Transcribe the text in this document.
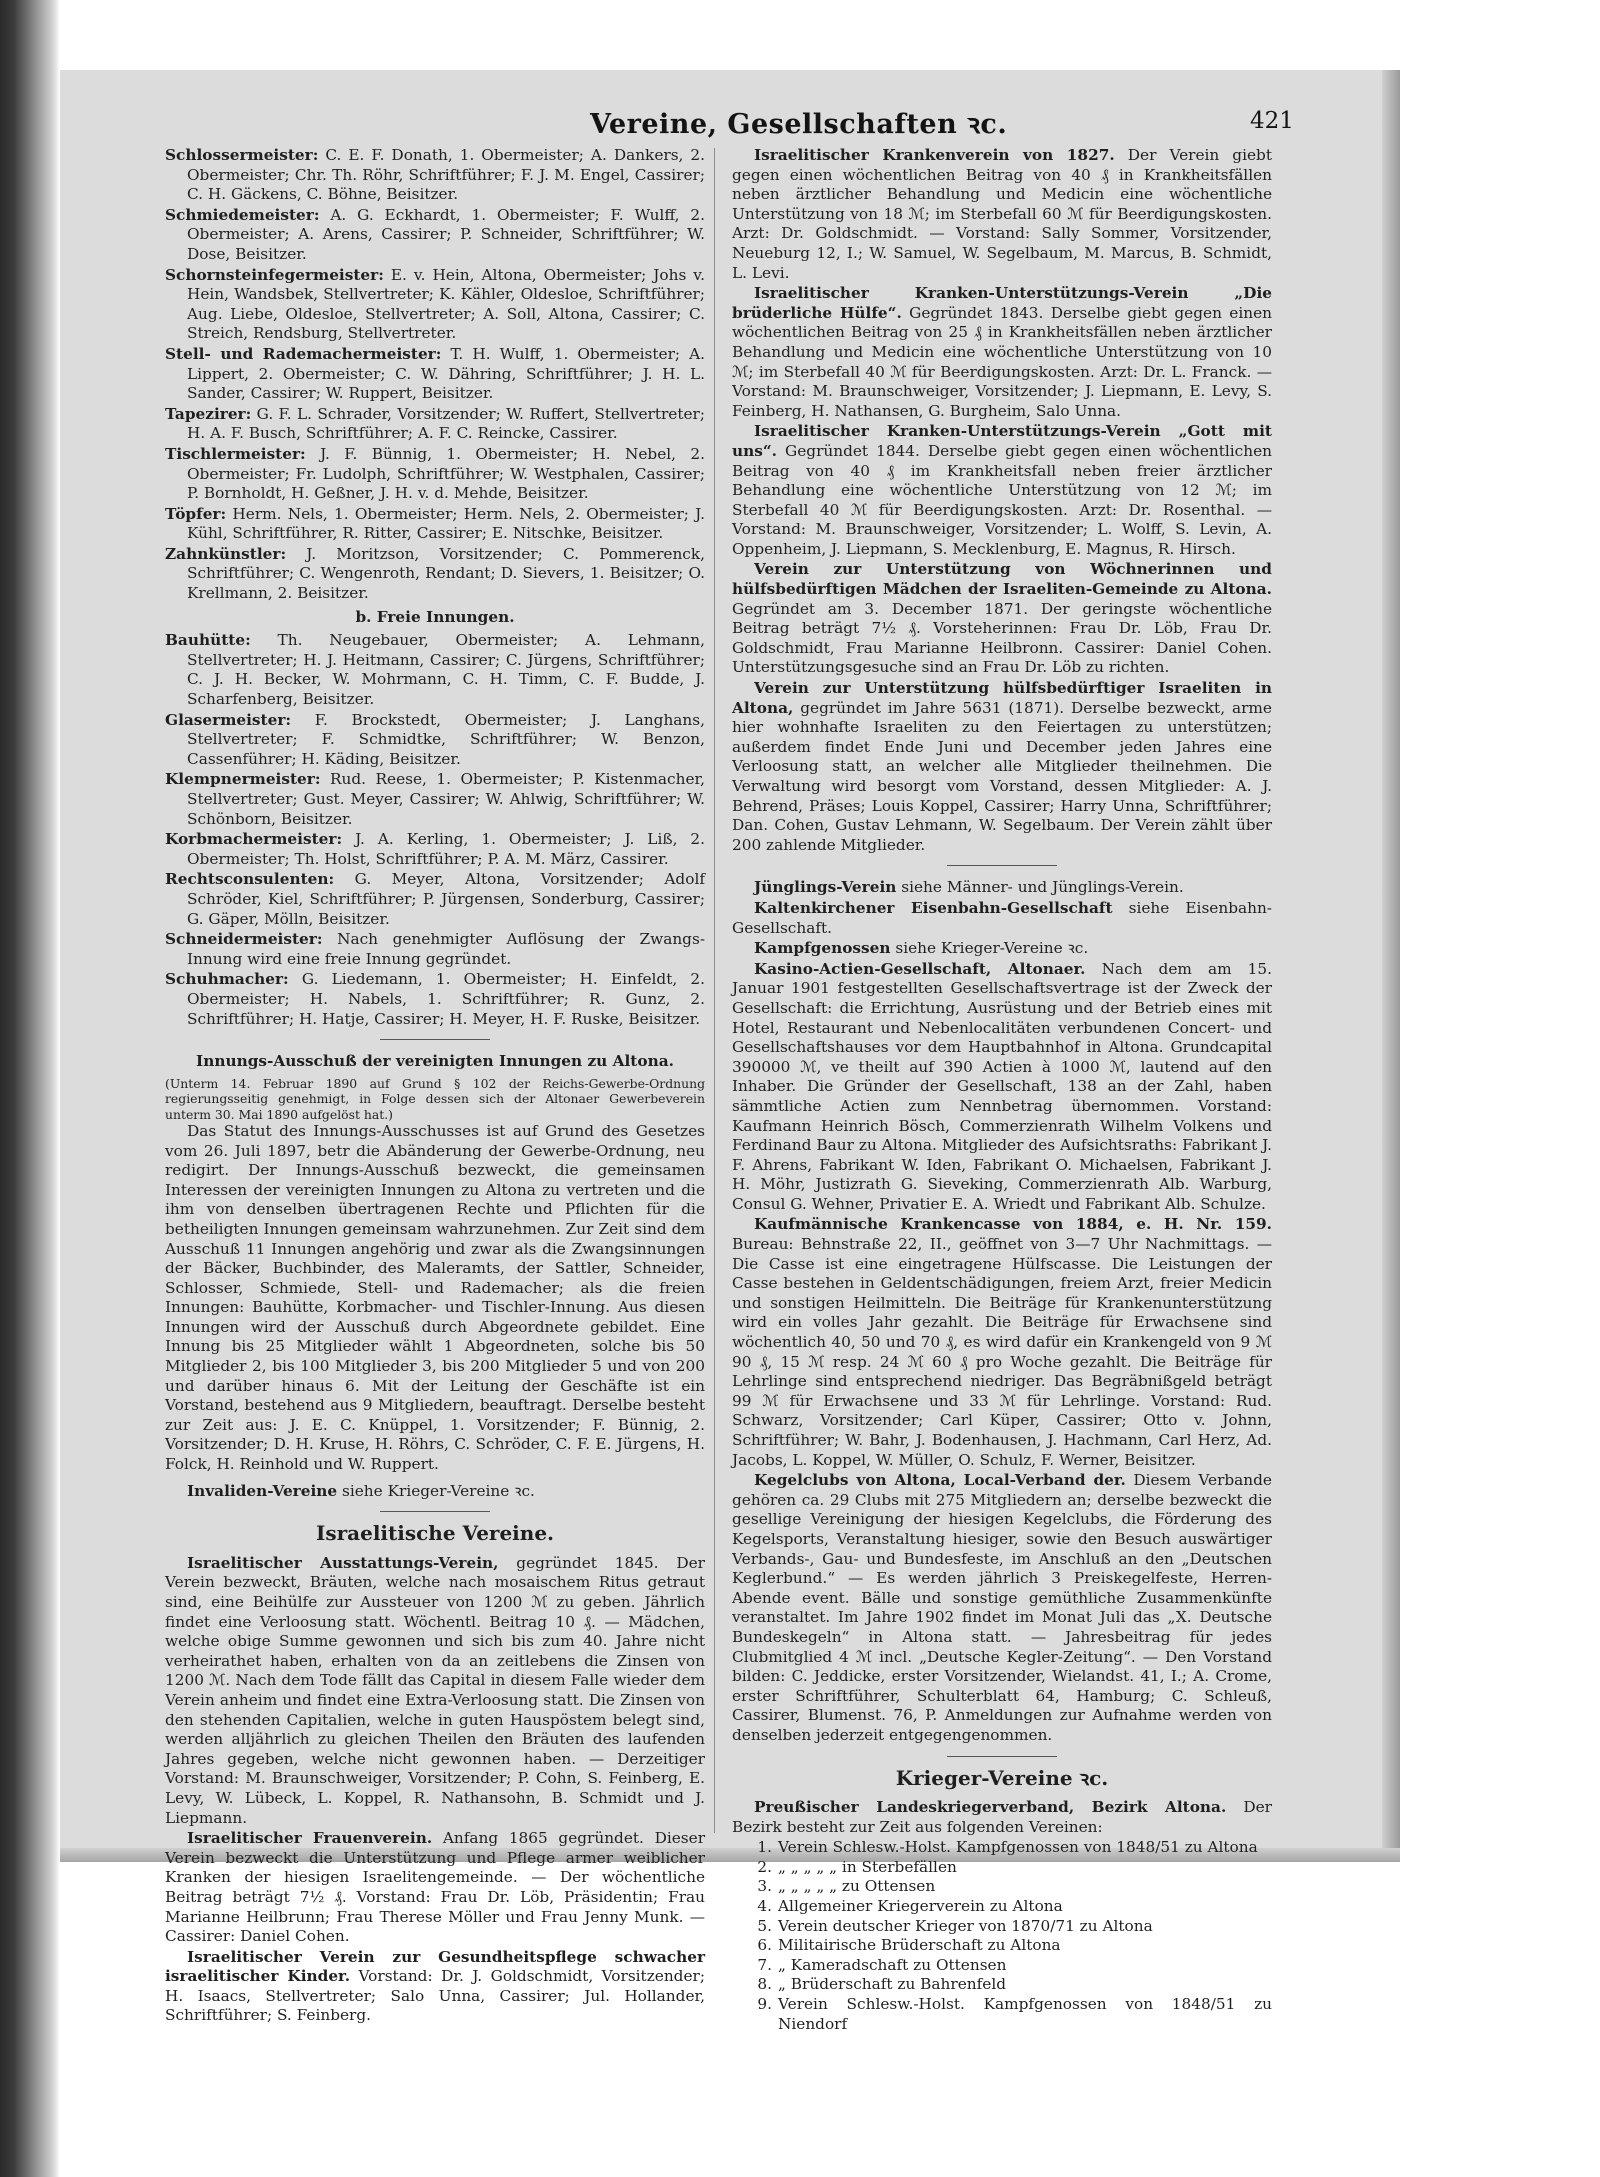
Vereine, Gesellschaften ꝛc.	421
Schlossermeister: C. E. F. Donath, 1. Obermeister; A. Dankers, 2. Obermeister; Chr. Th. Röhr, Schriftführer; F. J. M. Engel, Cassirer; C. H. Gäckens, C. Böhne, Beisitzer.
Schmiedemeister: A. G. Eckhardt, 1. Obermeister; F. Wulff, 2. Obermeister; A. Arens, Cassirer; P. Schneider, Schriftführer; W. Dose, Beisitzer.
Schornsteinfegermeister: E. v. Hein, Altona, Obermeister; Johs v. Hein, Wandsbek, Stellvertreter; K. Kähler, Oldesloe, Schriftführer; Aug. Liebe, Oldesloe, Stellvertreter; A. Soll, Altona, Cassirer; C. Streich, Rendsburg, Stellvertreter.
Stell- und Rademachermeister: T. H. Wulff, 1. Obermeister; A. Lippert, 2. Obermeister; C. W. Dähring, Schriftführer; J. H. L. Sander, Cassirer; W. Ruppert, Beisitzer.
Tapezirer: G. F. L. Schrader, Vorsitzender; W. Ruffert, Stellvertreter; H. A. F. Busch, Schriftführer; A. F. C. Reincke, Cassirer.
Tischlermeister: J. F. Bünnig, 1. Obermeister; H. Nebel, 2. Obermeister; Fr. Ludolph, Schriftführer; W. Westphalen, Cassirer; P. Bornholdt, H. Geßner, J. H. v. d. Mehde, Beisitzer.
Töpfer: Herm. Nels, 1. Obermeister; Herm. Nels, 2. Obermeister; J. Kühl, Schriftführer, R. Ritter, Cassirer; E. Nitschke, Beisitzer.
Zahnkünstler: J. Moritzson, Vorsitzender; C. Pommerenck, Schriftführer; C. Wengenroth, Rendant; D. Sievers, 1. Beisitzer; O. Krellmann, 2. Beisitzer.
b. Freie Innungen.
Bauhütte: Th. Neugebauer, Obermeister; A. Lehmann, Stellvertreter; H. J. Heitmann, Cassirer; C. Jürgens, Schriftführer; C. J. H. Becker, W. Mohrmann, C. H. Timm, C. F. Budde, J. Scharfenberg, Beisitzer.
Glasermeister: F. Brockstedt, Obermeister; J. Langhans, Stellvertreter; F. Schmidtke, Schriftführer; W. Benzon, Cassenführer; H. Käding, Beisitzer.
Klempnermeister: Rud. Reese, 1. Obermeister; P. Kistenmacher, Stellvertreter; Gust. Meyer, Cassirer; W. Ahlwig, Schriftführer; W. Schönborn, Beisitzer.
Korbmachermeister: J. A. Kerling, 1. Obermeister; J. Liß, 2. Obermeister; Th. Holst, Schriftführer; P. A. M. März, Cassirer.
Rechtsconsulenten: G. Meyer, Altona, Vorsitzender; Adolf Schröder, Kiel, Schriftführer; P. Jürgensen, Sonderburg, Cassirer; G. Gäper, Mölln, Beisitzer.
Schneidermeister: Nach genehmigter Auflösung der Zwangs-Innung wird eine freie Innung gegründet.
Schuhmacher: G. Liedemann, 1. Obermeister; H. Einfeldt, 2. Obermeister; H. Nabels, 1. Schriftführer; R. Gunz, 2. Schriftführer; H. Hatje, Cassirer; H. Meyer, H. F. Ruske, Beisitzer.
Innungs-Ausschuß der vereinigten Innungen zu Altona.
(Unterm 14. Februar 1890 auf Grund § 102 der Reichs-Gewerbe-Ordnung regierungsseitig genehmigt, in Folge dessen sich der Altonaer Gewerbeverein unterm 30. Mai 1890 aufgelöst hat.)
Das Statut des Innungs-Ausschusses ist auf Grund des Gesetzes vom 26. Juli 1897, betr die Abänderung der Gewerbe-Ordnung, neu redigirt. Der Innungs-Ausschuß bezweckt, die gemeinsamen Interessen der vereinigten Innungen zu Altona zu vertreten und die ihm von denselben übertragenen Rechte und Pflichten für die betheiligten Innungen gemeinsam wahrzunehmen. Zur Zeit sind dem Ausschuß 11 Innungen angehörig und zwar als die Zwangsinnungen der Bäcker, Buchbinder, des Maleramts, der Sattler, Schneider, Schlosser, Schmiede, Stell- und Rademacher; als die freien Innungen: Bauhütte, Korbmacher- und Tischler-Innung. Aus diesen Innungen wird der Ausschuß durch Abgeordnete gebildet. Eine Innung bis 25 Mitglieder wählt 1 Abgeordneten, solche bis 50 Mitglieder 2, bis 100 Mitglieder 3, bis 200 Mitglieder 5 und von 200 und darüber hinaus 6. Mit der Leitung der Geschäfte ist ein Vorstand, bestehend aus 9 Mitgliedern, beauftragt. Derselbe besteht zur Zeit aus: J. E. C. Knüppel, 1. Vorsitzender; F. Bünnig, 2. Vorsitzender; D. H. Kruse, H. Röhrs, C. Schröder, C. F. E. Jürgens, H. Folck, H. Reinhold und W. Ruppert.
Invaliden-Vereine siehe Krieger-Vereine ꝛc.
Israelitische Vereine.
Israelitischer Ausstattungs-Verein, gegründet 1845. Der Verein bezweckt, Bräuten, welche nach mosaischem Ritus getraut sind, eine Beihülfe zur Aussteuer von 1200 ℳ zu geben. Jährlich findet eine Verloosung statt. Wöchentl. Beitrag 10 ₰. — Mädchen, welche obige Summe gewonnen und sich bis zum 40. Jahre nicht verheirathet haben, erhalten von da an zeitlebens die Zinsen von 1200 ℳ. Nach dem Tode fällt das Capital in diesem Falle wieder dem Verein anheim und findet eine Extra-Verloosung statt. Die Zinsen von den stehenden Capitalien, welche in guten Hauspöstem belegt sind, werden alljährlich zu gleichen Theilen den Bräuten des laufenden Jahres gegeben, welche nicht gewonnen haben. — Derzeitiger Vorstand: M. Braunschweiger, Vorsitzender; P. Cohn, S. Feinberg, E. Levy, W. Lübeck, L. Koppel, R. Nathansohn, B. Schmidt und J. Liepmann.
Israelitischer Frauenverein. Anfang 1865 gegründet. Dieser Verein bezweckt die Unterstützung und Pflege armer weiblicher Kranken der hiesigen Israelitengemeinde. — Der wöchentliche Beitrag beträgt 7½ ₰. Vorstand: Frau Dr. Löb, Präsidentin; Frau Marianne Heilbrunn; Frau Therese Möller und Frau Jenny Munk. — Cassirer: Daniel Cohen.
Israelitischer Verein zur Gesundheitspflege schwacher israelitischer Kinder. Vorstand: Dr. J. Goldschmidt, Vorsitzender; H. Isaacs, Stellvertreter; Salo Unna, Cassirer; Jul. Hollander, Schriftführer; S. Feinberg.
Israelitischer Krankenverein von 1827. Der Verein giebt gegen einen wöchentlichen Beitrag von 40 ₰ in Krankheitsfällen neben ärztlicher Behandlung und Medicin eine wöchentliche Unterstützung von 18 ℳ; im Sterbefall 60 ℳ für Beerdigungskosten. Arzt: Dr. Goldschmidt. — Vorstand: Sally Sommer, Vorsitzender, Neueburg 12, I.; W. Samuel, W. Segelbaum, M. Marcus, B. Schmidt, L. Levi.
Israelitischer Kranken-Unterstützungs-Verein „Die brüderliche Hülfe“. Gegründet 1843. Derselbe giebt gegen einen wöchentlichen Beitrag von 25 ₰ in Krankheitsfällen neben ärztlicher Behandlung und Medicin eine wöchentliche Unterstützung von 10 ℳ; im Sterbefall 40 ℳ für Beerdigungskosten. Arzt: Dr. L. Franck. — Vorstand: M. Braunschweiger, Vorsitzender; J. Liepmann, E. Levy, S. Feinberg, H. Nathansen, G. Burgheim, Salo Unna.
Israelitischer Kranken-Unterstützungs-Verein „Gott mit uns“. Gegründet 1844. Derselbe giebt gegen einen wöchentlichen Beitrag von 40 ₰ im Krankheitsfall neben freier ärztlicher Behandlung eine wöchentliche Unterstützung von 12 ℳ; im Sterbefall 40 ℳ für Beerdigungskosten. Arzt: Dr. Rosenthal. — Vorstand: M. Braunschweiger, Vorsitzender; L. Wolff, S. Levin, A. Oppenheim, J. Liepmann, S. Mecklenburg, E. Magnus, R. Hirsch.
Verein zur Unterstützung von Wöchnerinnen und hülfsbedürftigen Mädchen der Israeliten-Gemeinde zu Altona. Gegründet am 3. December 1871. Der geringste wöchentliche Beitrag beträgt 7½ ₰. Vorsteherinnen: Frau Dr. Löb, Frau Dr. Goldschmidt, Frau Marianne Heilbronn. Cassirer: Daniel Cohen. Unterstützungsgesuche sind an Frau Dr. Löb zu richten.
Verein zur Unterstützung hülfsbedürftiger Israeliten in Altona, gegründet im Jahre 5631 (1871). Derselbe bezweckt, arme hier wohnhafte Israeliten zu den Feiertagen zu unterstützen; außerdem findet Ende Juni und December jeden Jahres eine Verloosung statt, an welcher alle Mitglieder theilnehmen. Die Verwaltung wird besorgt vom Vorstand, dessen Mitglieder: A. J. Behrend, Präses; Louis Koppel, Cassirer; Harry Unna, Schriftführer; Dan. Cohen, Gustav Lehmann, W. Segelbaum. Der Verein zählt über 200 zahlende Mitglieder.
Jünglings-Verein siehe Männer- und Jünglings-Verein.
Kaltenkirchener Eisenbahn-Gesellschaft siehe Eisenbahn-Gesellschaft.
Kampfgenossen siehe Krieger-Vereine ꝛc.
Kasino-Actien-Gesellschaft, Altonaer. Nach dem am 15. Januar 1901 festgestellten Gesellschaftsvertrage ist der Zweck der Gesellschaft: die Errichtung, Ausrüstung und der Betrieb eines mit Hotel, Restaurant und Nebenlocalitäten verbundenen Concert- und Gesellschaftshauses vor dem Hauptbahnhof in Altona. Grundcapital 390000 ℳ, ve theilt auf 390 Actien à 1000 ℳ, lautend auf den Inhaber. Die Gründer der Gesellschaft, 138 an der Zahl, haben sämmtliche Actien zum Nennbetrag übernommen. Vorstand: Kaufmann Heinrich Bösch, Commerzienrath Wilhelm Volkens und Ferdinand Baur zu Altona. Mitglieder des Aufsichtsraths: Fabrikant J. F. Ahrens, Fabrikant W. Iden, Fabrikant O. Michaelsen, Fabrikant J. H. Möhr, Justizrath G. Sieveking, Commerzienrath Alb. Warburg, Consul G. Wehner, Privatier E. A. Wriedt und Fabrikant Alb. Schulze.
Kaufmännische Krankencasse von 1884, e. H. Nr. 159. Bureau: Behnstraße 22, II., geöffnet von 3—7 Uhr Nachmittags. — Die Casse ist eine eingetragene Hülfscasse. Die Leistungen der Casse bestehen in Geldentschädigungen, freiem Arzt, freier Medicin und sonstigen Heilmitteln. Die Beiträge für Krankenunterstützung wird ein volles Jahr gezahlt. Die Beiträge für Erwachsene sind wöchentlich 40, 50 und 70 ₰, es wird dafür ein Krankengeld von 9 ℳ 90 ₰, 15 ℳ resp. 24 ℳ 60 ₰ pro Woche gezahlt. Die Beiträge für Lehrlinge sind entsprechend niedriger. Das Begräbnißgeld beträgt 99 ℳ für Erwachsene und 33 ℳ für Lehrlinge. Vorstand: Rud. Schwarz, Vorsitzender; Carl Küper, Cassirer; Otto v. Johnn, Schriftführer; W. Bahr, J. Bodenhausen, J. Hachmann, Carl Herz, Ad. Jacobs, L. Koppel, W. Müller, O. Schulz, F. Werner, Beisitzer.
Kegelclubs von Altona, Local-Verband der. Diesem Verbande gehören ca. 29 Clubs mit 275 Mitgliedern an; derselbe bezweckt die gesellige Vereinigung der hiesigen Kegelclubs, die Förderung des Kegelsports, Veranstaltung hiesiger, sowie den Besuch auswärtiger Verbands-, Gau- und Bundesfeste, im Anschluß an den „Deutschen Keglerbund.“ — Es werden jährlich 3 Preiskegelfeste, Herren-Abende event. Bälle und sonstige gemüthliche Zusammenkünfte veranstaltet. Im Jahre 1902 findet im Monat Juli das „X. Deutsche Bundeskegeln“ in Altona statt. — Jahresbeitrag für jedes Clubmitglied 4 ℳ incl. „Deutsche Kegler-Zeitung“. — Den Vorstand bilden: C. Jeddicke, erster Vorsitzender, Wielandst. 41, I.; A. Crome, erster Schriftführer, Schulterblatt 64, Hamburg; C. Schleuß, Cassirer, Blumenst. 76, P. Anmeldungen zur Aufnahme werden von denselben jederzeit entgegengenommen.
Krieger-Vereine ꝛc.
Preußischer Landeskriegerverband, Bezirk Altona. Der Bezirk besteht zur Zeit aus folgenden Vereinen:
1. Verein Schlesw.-Holst. Kampfgenossen von 1848/51 zu Altona
2. „ „ „ „ „ in Sterbefällen
3. „ „ „ „ „ zu Ottensen
4. Allgemeiner Kriegerverein zu Altona
5. Verein deutscher Krieger von 1870/71 zu Altona
6. Militairische Brüderschaft zu Altona
7. „ Kameradschaft zu Ottensen
8. „ Brüderschaft zu Bahrenfeld
9. Verein Schlesw.-Holst. Kampfgenossen von 1848/51 zu Niendorf
